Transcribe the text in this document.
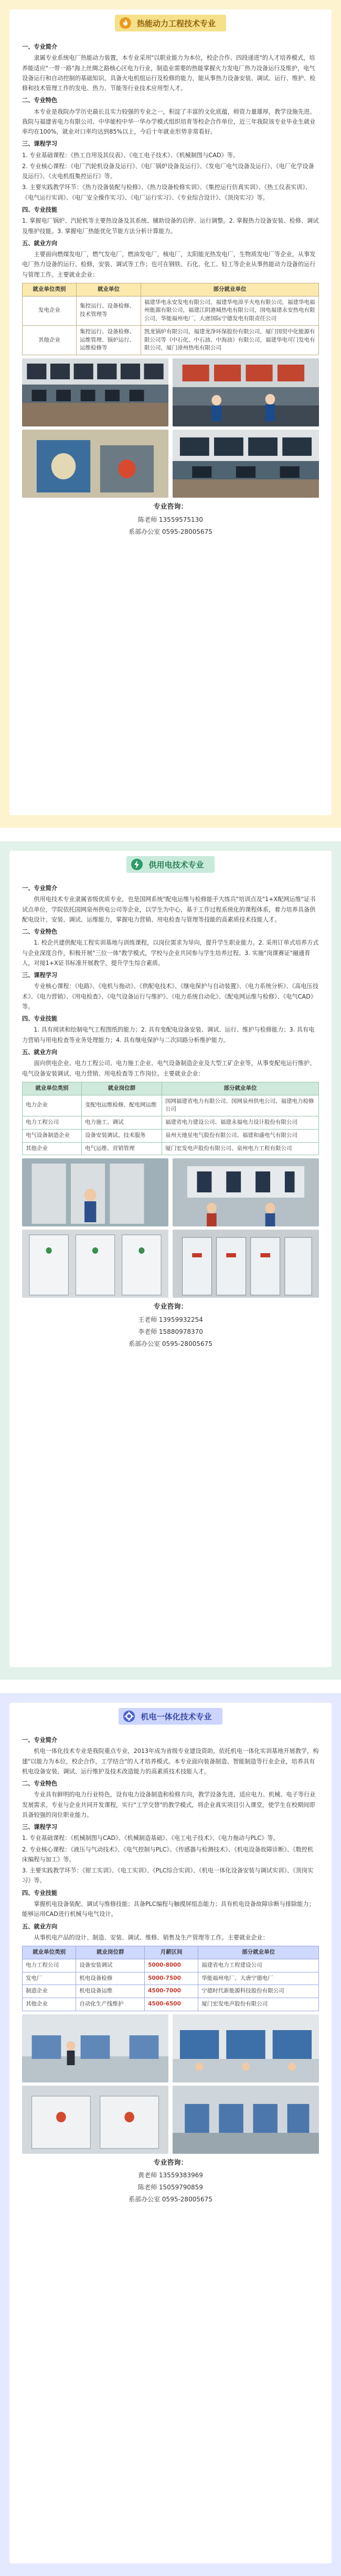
热能动力工程技术专业
一、专业简介

隶属专业系统电厂热能动力装置，本专业采用"以职业能力为本位，校企合作、四段递进"的人才培养模式，培养能适应"一带一路"海上丝绸之路核心区电力行业，制造业需要的热能掌握火力发电厂热力设备运行及维护，电气设备运行和自动控制的基础知识，具备火电机组运行及检修的能力，能从事热力设备安装、调试、运行、维护、检修和技术管理工作的发电、热力、节能等行业技术应用型人才。

二、专业特色

本专业是我院办学历史最长且实力较强的专业之一，积淀了丰富的文化底蕴，师资力量雄厚，教学设施先进。我院与福建省电力有限公司、中华能校中华一华办学模式组织培育等校企合作单位，近三年我院该专业毕业生就业率均在100%，就业对口率均达到85%以上，今后十年就业形势非常看好。

三、课程学习

1. 专业基础课程：《热工自用及其仪表》、《电工电子技术》、《机械制图与CAD》等。

2. 专业核心课程：《电厂汽轮机设备及运行》、《电厂锅炉设备及运行》、《发电厂电气设备及运行》、《电厂化学设备及运行》、《火电机组集控运行》等。

3. 主要实践教学环节：《热力设备装配与检修》、《热力设备检修实训》、《集控运行仿真实训》、《热工仪表实训》、《电气运行实训》、《电厂安全操作实习》、《电厂运行实习》、《专业综合设计》、《顶岗实习》等。

四、专业技能

1. 掌握电厂锅炉、汽轮机等主要热设备及其系统、辅助设备的启停、运行调整。2. 掌握热力设备安装、检修、调试及维护技能。3. 掌握电厂热能优化节能方法分析计算能力。

五、就业方向

主要面向燃煤发电厂，燃气发电厂，燃油发电厂，核电厂，太阳能光热发电厂，生物质发电厂等企业，从事发电厂热力设备的运行、检修，安装、调试等工作；也可在钢铁、石化、化工、轻工等企业从事热能动力设备的运行与管理工作。主要就业企业：

就业单位类别	就业单位	部分就业单位
发电企业	集控运行、设备检修、技术管理等	福建华电永安发电有限公司，福建华电漳平火电有限公司，福建华电福州能源有限公司，福建江阴港城热电有限公司，国电福建永安热电有限公司，华能福州电厂，大唐国际宁德发电有限责任公司
其他企业	集控运行、设备检修、运维管理、锅炉运行、运维检修等	凯龙锅炉有限公司，福建龙净环保股份有限公司，厦门国贸中化能源有限公司等（中石化、中石油、中海油）有限公司，福建华电可门发电有限公司，厦门漳州热电有限公司
专业咨询：
陈老师 13559575130
系部办公室 0595-28005675
供用电技术专业
一、专业简介

供用电技术专业隶属省级优质专业，也是国网系统"配电运维与检修能手大练兵"培训点及"1+X配网运维"证书试点单位，学院依托国网泉州供电公司等企业，以学生为中心，基于工作过程系统化的课程体系，着力培养具备供配电设计、安装、调试、运维能力，掌握电力营销、用电检查与管理等技能的高素质技术技能人才。

二、专业特色

1. 校企共建供配电工程实训基地与训练课程，以岗位需求为导向，提升学生职业能力。2. 采用订单式培养方式与企业深度合作，积极开展"三位一体"教学模式，学校与企业共同参与学生培养过程。3. 实施"岗课赛证"融通育人，对接1+X证书标准开展教学，提升学生综合素质。

三、课程学习

专业核心课程：《电路》、《电机与拖动》、《供配电技术》、《继电保护与自动装置》、《电力系统分析》、《高电压技术》、《电力营销》、《用电检查》、《电气设备运行与维护》、《电力系统自动化》、《配电网运维与检修》、《电气CAD》等。

四、专业技能

1. 具有阅读和绘制电气工程图纸的能力；2. 具有变配电设备安装、调试、运行、维护与检修能力；3. 具有电力营销与用电检查等业务处理能力；4. 具有继电保护与二次回路分析维护能力。

五、就业方向

面向供电企业、电力工程公司、电力施工企业、电气设备制造企业及大型工矿企业等，从事变配电运行维护、电气设备安装调试、电力营销、用电检查等工作岗位。主要就业企业：

就业单位类别	就业岗位群	部分就业单位
电力企业	变配电运维检修、配电网运维	国网福建省电力有限公司、国网泉州供电公司、福建电力检修公司
电力工程公司	电力施工、调试	福建省电力建设公司、福建永福电力设计股份有限公司
电气设备制造企业	设备安装调试、技术服务	泉州天地星电气股份有限公司、福建和盛电气有限公司
其他企业	电气运维、营销管理	厦门宏发电声股份有限公司、泉州电力工程有限公司
专业咨询：
王老师 13959932254
李老师 15880978370
系部办公室 0595-28005675
机电一体化技术专业
一、专业简介

机电一体化技术专业是我院重点专业，2013年成为省级专业建设资助，依托机电一体化实训基地开展教学，构建"以能力为本位，校企合作，工学结合"的人才培养模式。本专业面向装备制造、智能制造等行业企业，培养具有机电设备安装、调试、运行维护及技术改造能力的高素质技术技能人才。

二、专业特色

专业具有鲜明的电力行业特色，设有电力设备制造和检修方向，教学设备先进，适应电力、机械、电子等行业发展需求。专业与企业共同开发课程，实行"工学交替"的教学模式，将企业真实项目引入课堂，使学生在校期间即具备较强的岗位职业能力。

三、课程学习

1. 专业基础课程：《机械制图与CAD》、《机械制造基础》、《电工电子技术》、《电力拖动与PLC》等。

2. 专业核心课程：《液压与气动技术》、《电气控制与PLC》、《传感器与检测技术》、《机电设备故障诊断》、《数控机床编程与加工》等。

3. 主要实践教学环节：《钳工实训》、《电工实训》、《PLC综合实训》、《机电一体化设备安装与调试实训》、《顶岗实习》等。

四、专业技能

掌握机电设备装配、调试与维修技能；具备PLC编程与触摸屏组态能力；具有机电设备故障诊断与排除能力；能够运用CAD进行机械与电气设计。

五、就业方向

从事机电产品的设计、制造、安装、调试、维修、销售及生产管理等工作。主要就业企业：

就业单位类别	就业岗位群	月薪区间	部分就业单位
电力工程公司	设备安装调试	5000-8000	福建省电力工程建设公司
发电厂	机电设备检修	5000-7500	华能福州电厂、大唐宁德电厂
制造企业	机电设备运维	4500-7000	宁德时代新能源科技股份有限公司
其他企业	自动化生产线维护	4500-6500	厦门宏发电声股份有限公司
专业咨询：
黄老师 13559383969
陈老师 15059790859
系部办公室 0595-28005675
